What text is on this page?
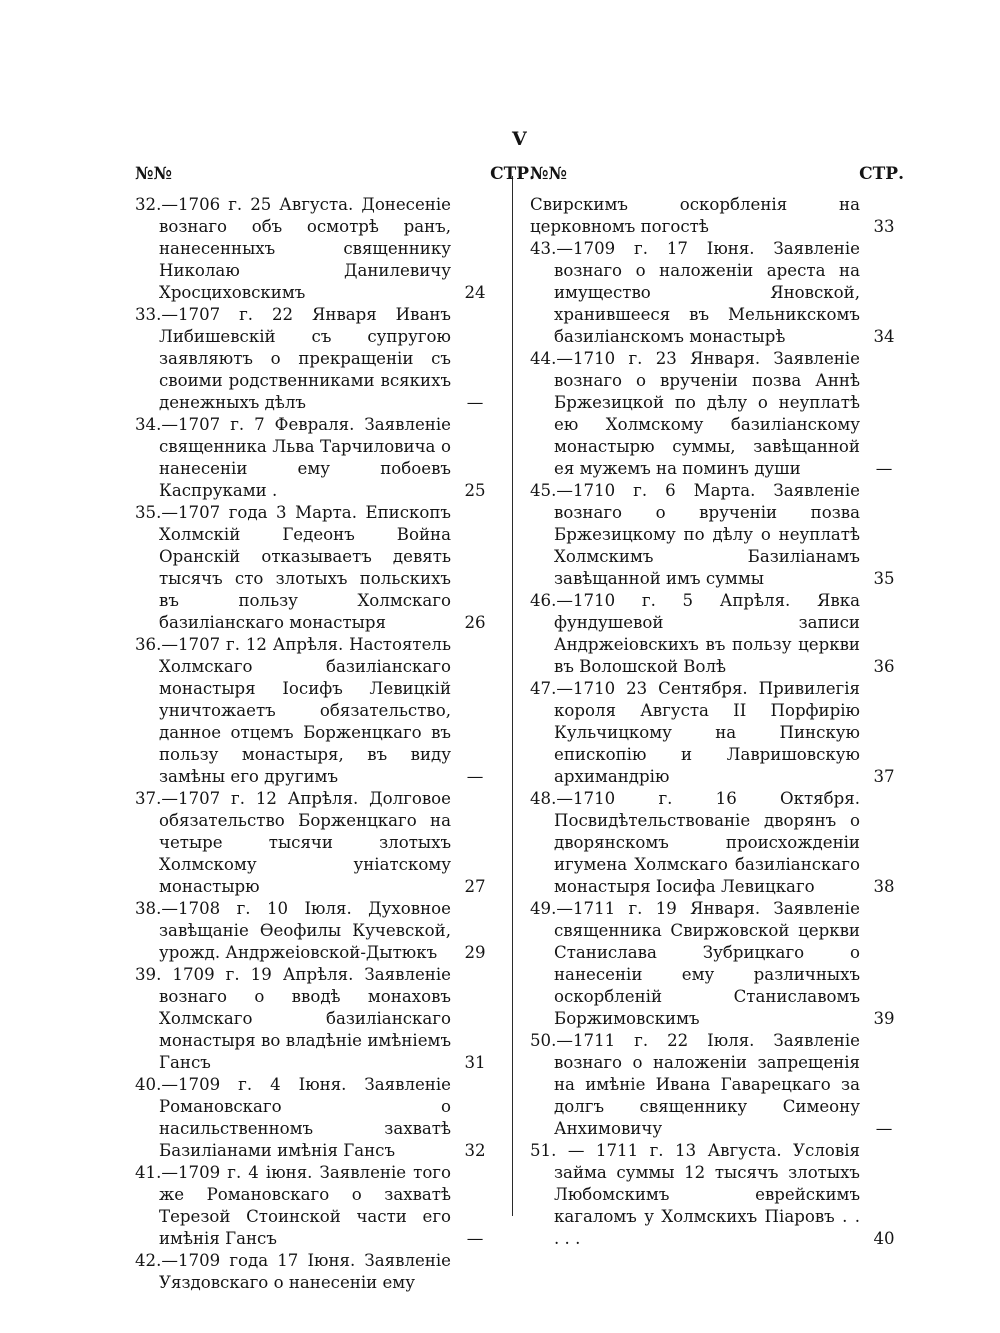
V
№№	СТР.
32.—1706 г. 25 Августа. Донесеніе вознаго объ осмотрѣ ранъ, нанесенныхъ священнику Николаю Данилевичу Хросциховскимъ	24
33.—1707 г. 22 Января Иванъ Либишевскій съ супругою заявляютъ о прекращеніи съ своими родственниками всякихъ денежныхъ дѣлъ	—
34.—1707 г. 7 Февраля. Заявленіе священника Льва Тарчиловича о нанесеніи ему побоевъ Каспруками .	25
35.—1707 года 3 Марта. Епископъ Холмскій Гедеонъ Война Оранскій отказываетъ девять тысячъ сто злотыхъ польскихъ въ пользу Холмскаго базиліанскаго монастыря	26
36.—1707 г. 12 Апрѣля. Настоятель Холмскаго базиліанскаго монастыря Іосифъ Левицкій уничтожаетъ обязательство, данное отцемъ Борженцкаго въ пользу монастыря, въ виду замѣны его другимъ	—
37.—1707 г. 12 Апрѣля. Долговое обязательство Борженцкаго на четыре тысячи злотыхъ Холмскому уніатскому монастырю	27
38.—1708 г. 10 Іюля. Духовное завѣщаніе Ѳеофилы Кучевской, урожд. Андржеіовской-Дытюкъ	29
39. 1709 г. 19 Апрѣля. Заявленіе вознаго о вводѣ монаховъ Холмскаго базиліанскаго монастыря во владѣніе имѣніемъ Гансъ	31
40.—1709 г. 4 Іюня. Заявленіе Романовскаго о насильственномъ захватѣ Базиліанами имѣнія Гансъ	32
41.—1709 г. 4 іюня. Заявленіе того же Романовскаго о захватѣ Терезой Стоинской части его имѣнія Гансъ	—
42.—1709 года 17 Іюня. Заявленіе Уяздовскаго о нанесеніи ему
№№	СТР.
Свирскимъ оскорбленія на церковномъ погостѣ	33
43.—1709 г. 17 Іюня. Заявленіе вознаго о наложеніи ареста на имущество Яновской, хранившееся въ Мельникскомъ базиліанскомъ монастырѣ	34
44.—1710 г. 23 Января. Заявленіе вознаго о врученіи позва Аннѣ Бржезицкой по дѣлу о неуплатѣ ею Холмскому базиліанскому монастырю суммы, завѣщанной ея мужемъ на поминъ души	—
45.—1710 г. 6 Марта. Заявленіе вознаго о врученіи позва Бржезицкому по дѣлу о неуплатѣ Холмскимъ Базиліанамъ завѣщанной имъ суммы	35
46.—1710 г. 5 Апрѣля. Явка фундушевой записи Андржеіовскихъ въ пользу церкви въ Волошской Волѣ	36
47.—1710 23 Сентября. Привилегія короля Августа II Порфирію Кульчицкому на Пинскую епископію и Лавришовскую архимандрію	37
48.—1710 г. 16 Октября. Посвидѣтельствованіе дворянъ о дворянскомъ происхожденіи игумена Холмскаго базиліанскаго монастыря Іосифа Левицкаго	38
49.—1711 г. 19 Января. Заявленіе священника Свиржовской церкви Станислава Зубрицкаго о нанесеніи ему различныхъ оскорбленій Станиславомъ Боржимовскимъ	39
50.—1711 г. 22 Іюля. Заявленіе вознаго о наложеніи запрещенія на имѣніе Ивана Гаварецкаго за долгъ священнику Симеону Анхимовичу	—
51. — 1711 г. 13 Августа. Условія займа суммы 12 тысячъ злотыхъ Любомскимъ еврейскимъ кагаломъ у Холмскихъ Піаровъ . . . . .	40
